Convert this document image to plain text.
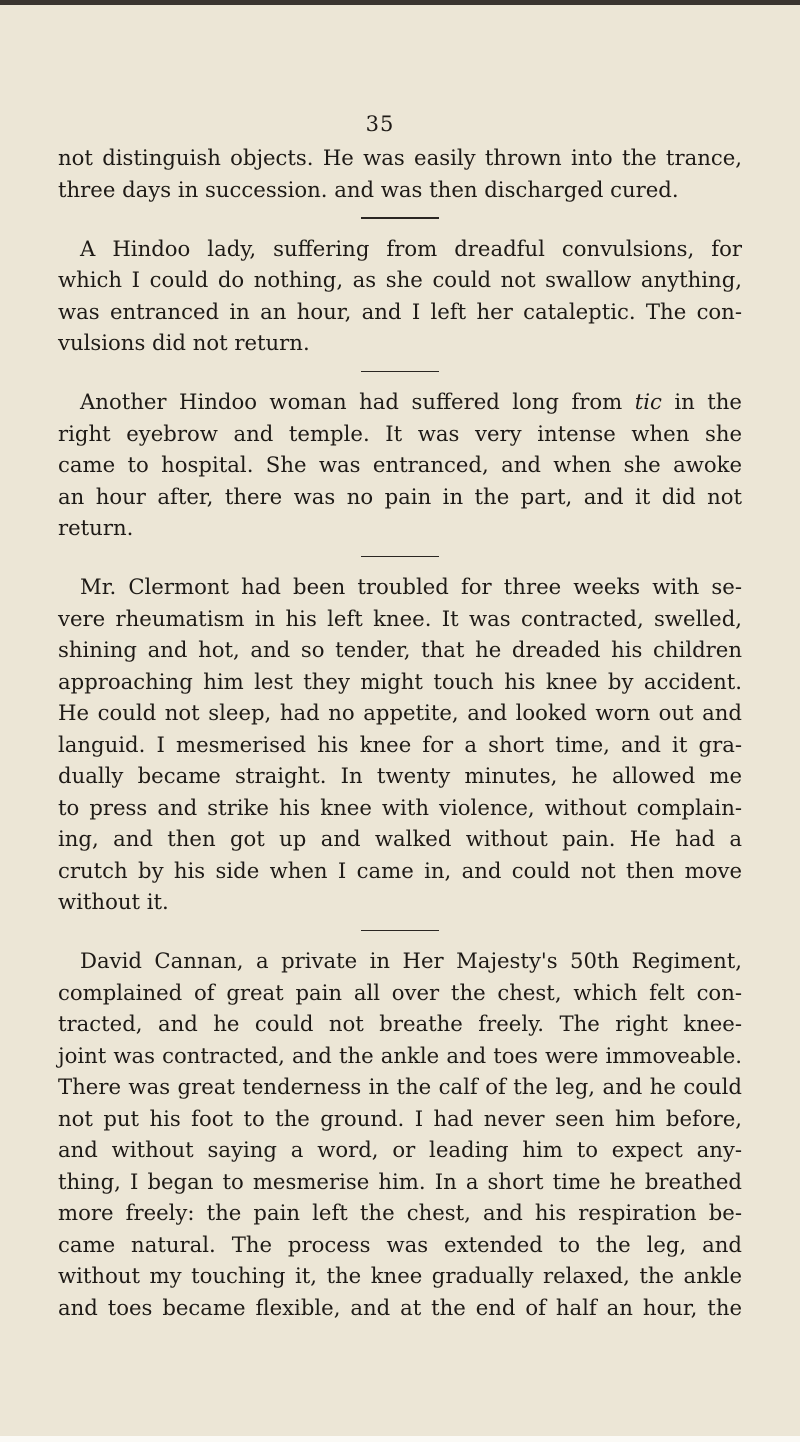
35
not distinguish objects. He was easily thrown into the trance,
three days in succession. and was then discharged cured.
A Hindoo lady, suffering from dreadful convulsions, for
which I could do nothing, as she could not swallow anything,
was entranced in an hour, and I left her cataleptic. The con-
vulsions did not return.
Another Hindoo woman had suffered long from tic in the
right eyebrow and temple. It was very intense when she
came to hospital. She was entranced, and when she awoke
an hour after, there was no pain in the part, and it did not
return.
Mr. Clermont had been troubled for three weeks with se-
vere rheumatism in his left knee. It was contracted, swelled,
shining and hot, and so tender, that he dreaded his children
approaching him lest they might touch his knee by accident.
He could not sleep, had no appetite, and looked worn out and
languid. I mesmerised his knee for a short time, and it gra-
dually became straight. In twenty minutes, he allowed me
to press and strike his knee with violence, without complain-
ing, and then got up and walked without pain. He had a
crutch by his side when I came in, and could not then move
without it.
David Cannan, a private in Her Majesty's 50th Regiment,
complained of great pain all over the chest, which felt con-
tracted, and he could not breathe freely. The right knee-
joint was contracted, and the ankle and toes were immoveable.
There was great tenderness in the calf of the leg, and he could
not put his foot to the ground. I had never seen him before,
and without saying a word, or leading him to expect any-
thing, I began to mesmerise him. In a short time he breathed
more freely: the pain left the chest, and his respiration be-
came natural. The process was extended to the leg, and
without my touching it, the knee gradually relaxed, the ankle
and toes became flexible, and at the end of half an hour, the
